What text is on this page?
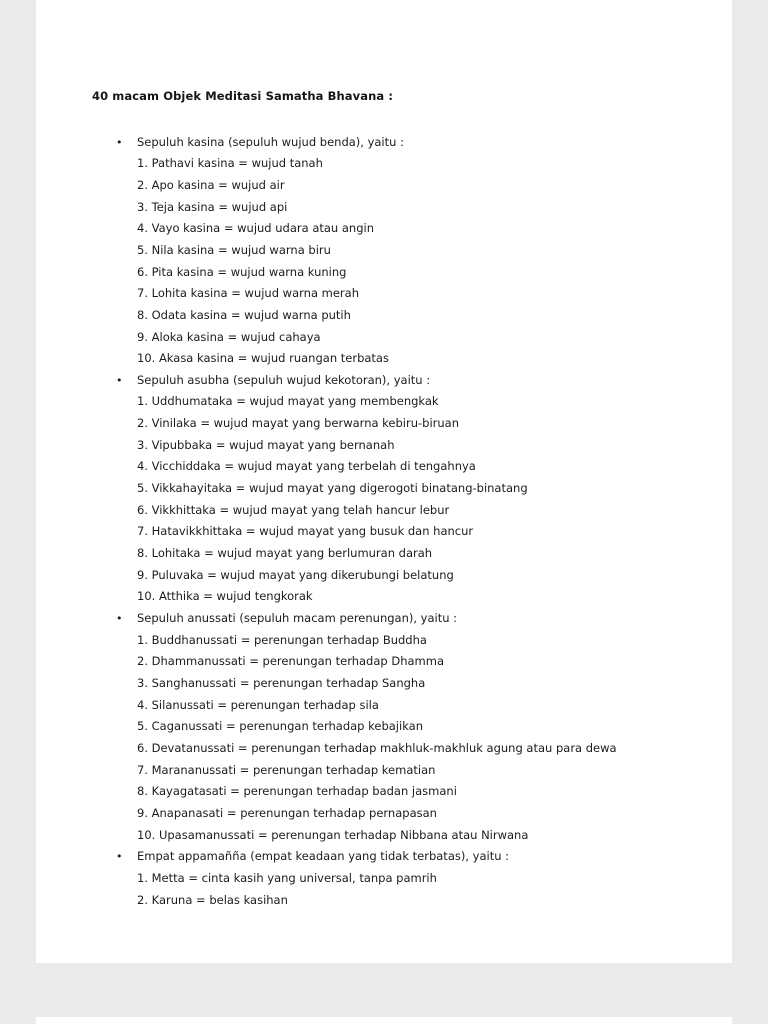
40 macam Objek Meditasi Samatha Bhavana :
• Sepuluh kasina (sepuluh wujud benda), yaitu :
1. Pathavi kasina = wujud tanah
2. Apo kasina = wujud air
3. Teja kasina = wujud api
4. Vayo kasina = wujud udara atau angin
5. Nila kasina = wujud warna biru
6. Pita kasina = wujud warna kuning
7. Lohita kasina = wujud warna merah
8. Odata kasina = wujud warna putih
9. Aloka kasina = wujud cahaya
10. Akasa kasina = wujud ruangan terbatas
• Sepuluh asubha (sepuluh wujud kekotoran), yaitu :
1. Uddhumataka = wujud mayat yang membengkak
2. Vinilaka = wujud mayat yang berwarna kebiru-biruan
3. Vipubbaka = wujud mayat yang bernanah
4. Vicchiddaka = wujud mayat yang terbelah di tengahnya
5. Vikkahayitaka = wujud mayat yang digerogoti binatang-binatang
6. Vikkhittaka = wujud mayat yang telah hancur lebur
7. Hatavikkhittaka = wujud mayat yang busuk dan hancur
8. Lohitaka = wujud mayat yang berlumuran darah
9. Puluvaka = wujud mayat yang dikerubungi belatung
10. Atthika = wujud tengkorak
• Sepuluh anussati (sepuluh macam perenungan), yaitu :
1. Buddhanussati = perenungan terhadap Buddha
2. Dhammanussati = perenungan terhadap Dhamma
3. Sanghanussati = perenungan terhadap Sangha
4. Silanussati = perenungan terhadap sila
5. Caganussati = perenungan terhadap kebajikan
6. Devatanussati = perenungan terhadap makhluk-makhluk agung atau para dewa
7. Marananussati = perenungan terhadap kematian
8. Kayagatasati = perenungan terhadap badan jasmani
9. Anapanasati = perenungan terhadap pernapasan
10. Upasamanussati = perenungan terhadap Nibbana atau Nirwana
• Empat appamañña (empat keadaan yang tidak terbatas), yaitu :
1. Metta = cinta kasih yang universal, tanpa pamrih
2. Karuna = belas kasihan
